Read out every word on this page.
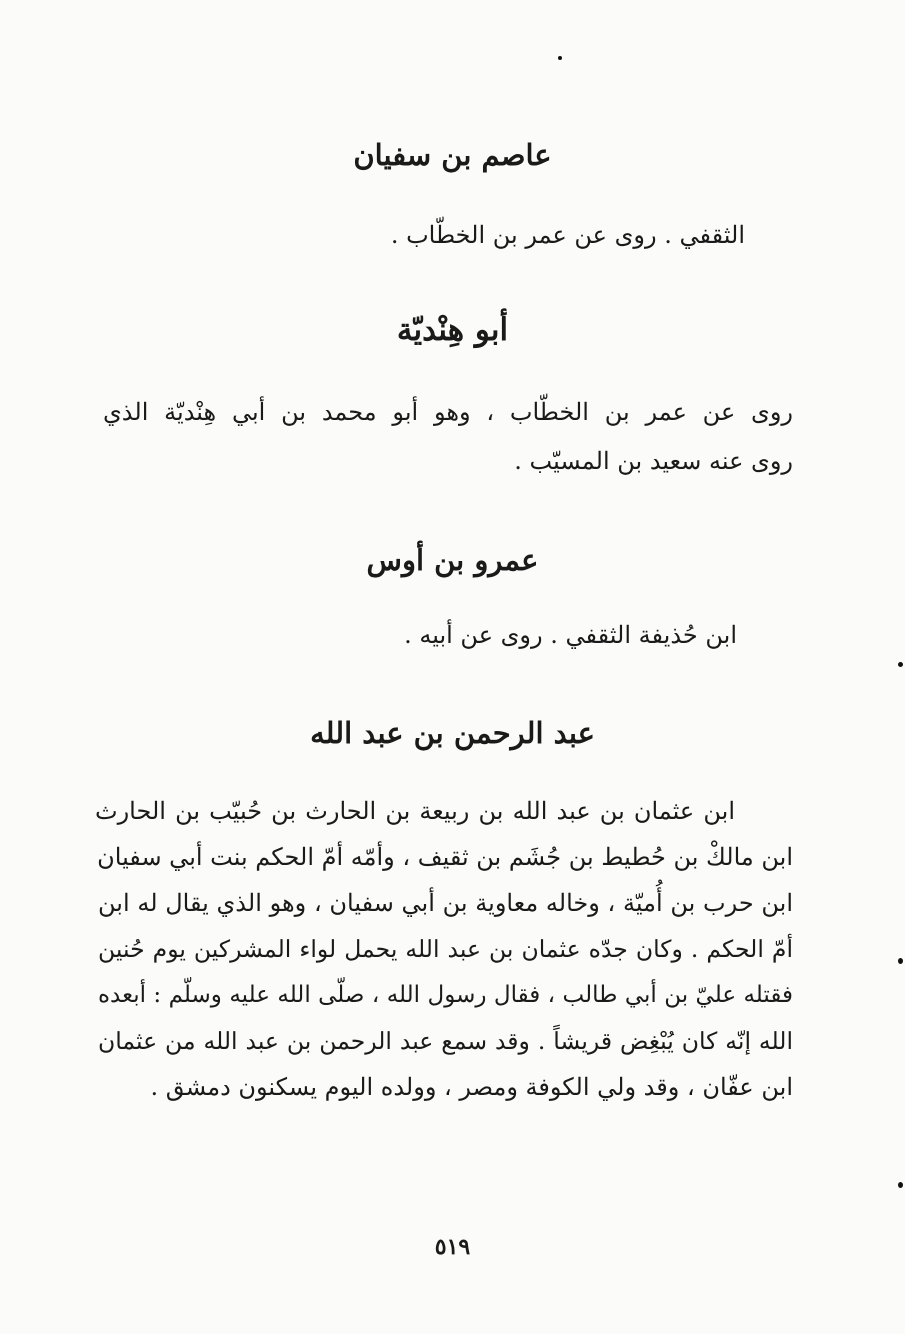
عاصم بن سفيان
الثقفي . روى عن عمر بن الخطّاب .
أبو هِنْديّة
روى عن عمر بن الخطّاب ، وهو أبو محمد بن أبي هِنْديّة الذي
روى عنه سعيد بن المسيّب .
عمرو بن أوس
ابن حُذيفة الثقفي . روى عن أبيه .
عبد الرحمن بن عبد الله
ابن عثمان بن عبد الله بن ربيعة بن الحارث بن حُبيّب بن الحارث
ابن مالكْ بن حُطيط بن جُشَم بن ثقيف ، وأمّه أمّ الحكم بنت أبي سفيان
ابن حرب بن أُميّة ، وخاله معاوية بن أبي سفيان ، وهو الذي يقال له ابن
أمّ الحكم . وكان جدّه عثمان بن عبد الله يحمل لواء المشركين يوم حُنين
فقتله عليّ بن أبي طالب ، فقال رسول الله ، صلّى الله عليه وسلّم : أبعده
الله إنّه كان يُبْغِض قريشاً . وقد سمع عبد الرحمن بن عبد الله من عثمان
ابن عفّان ، وقد ولي الكوفة ومصر ، وولده اليوم يسكنون دمشق .
٥١٩
